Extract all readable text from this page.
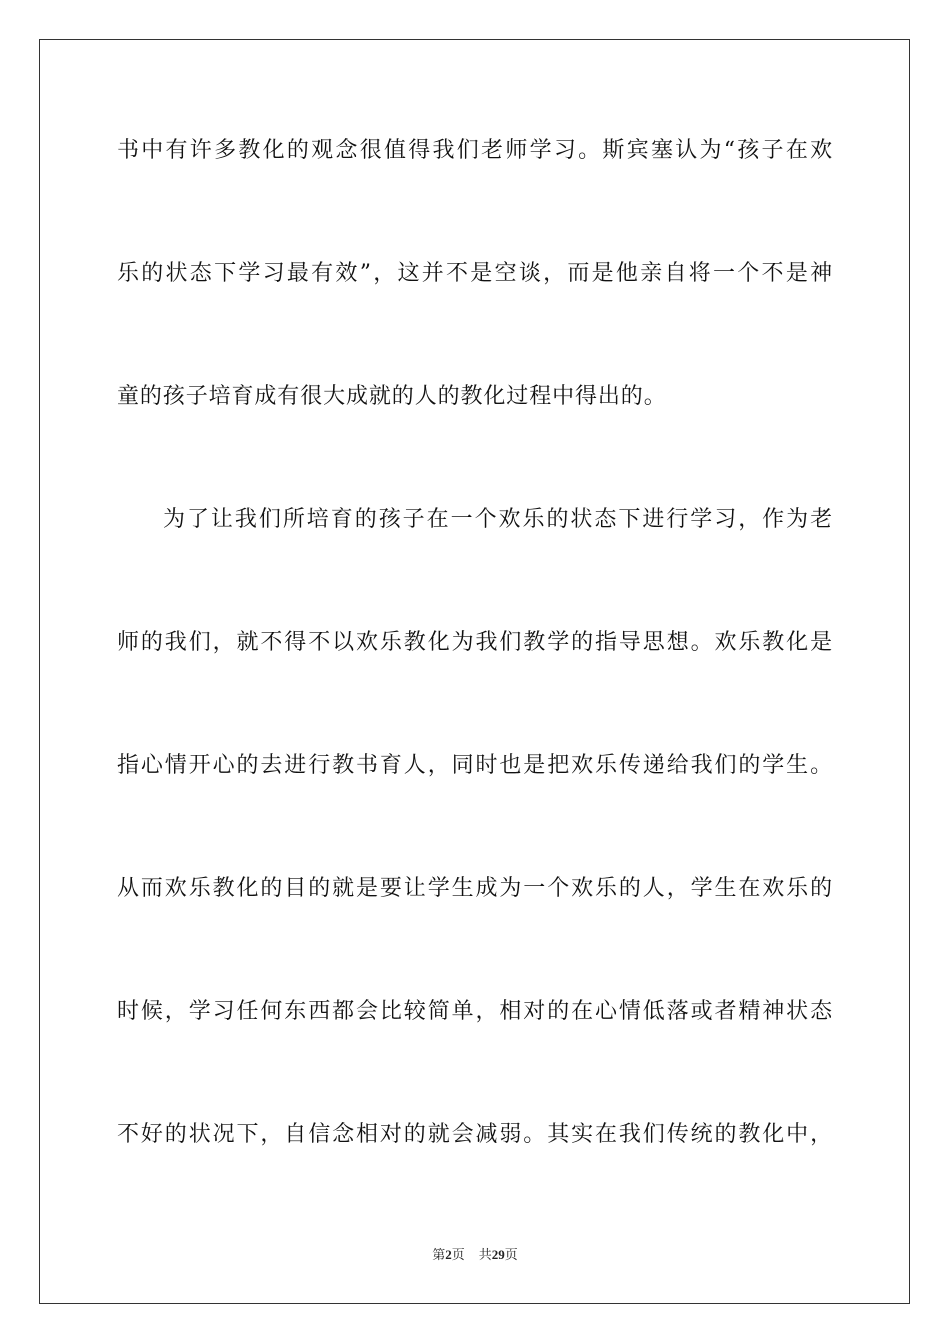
书中有许多教化的观念很值得我们老师学习。斯宾塞认为“孩子在欢
乐的状态下学习最有效”，这并不是空谈，而是他亲自将一个不是神
童的孩子培育成有很大成就的人的教化过程中得出的。
为了让我们所培育的孩子在一个欢乐的状态下进行学习，作为老
师的我们，就不得不以欢乐教化为我们教学的指导思想。欢乐教化是
指心情开心的去进行教书育人，同时也是把欢乐传递给我们的学生。
从而欢乐教化的目的就是要让学生成为一个欢乐的人，学生在欢乐的
时候，学习任何东西都会比较简单，相对的在心情低落或者精神状态
不好的状况下，自信念相对的就会减弱。其实在我们传统的教化中，
第2页 共29页
